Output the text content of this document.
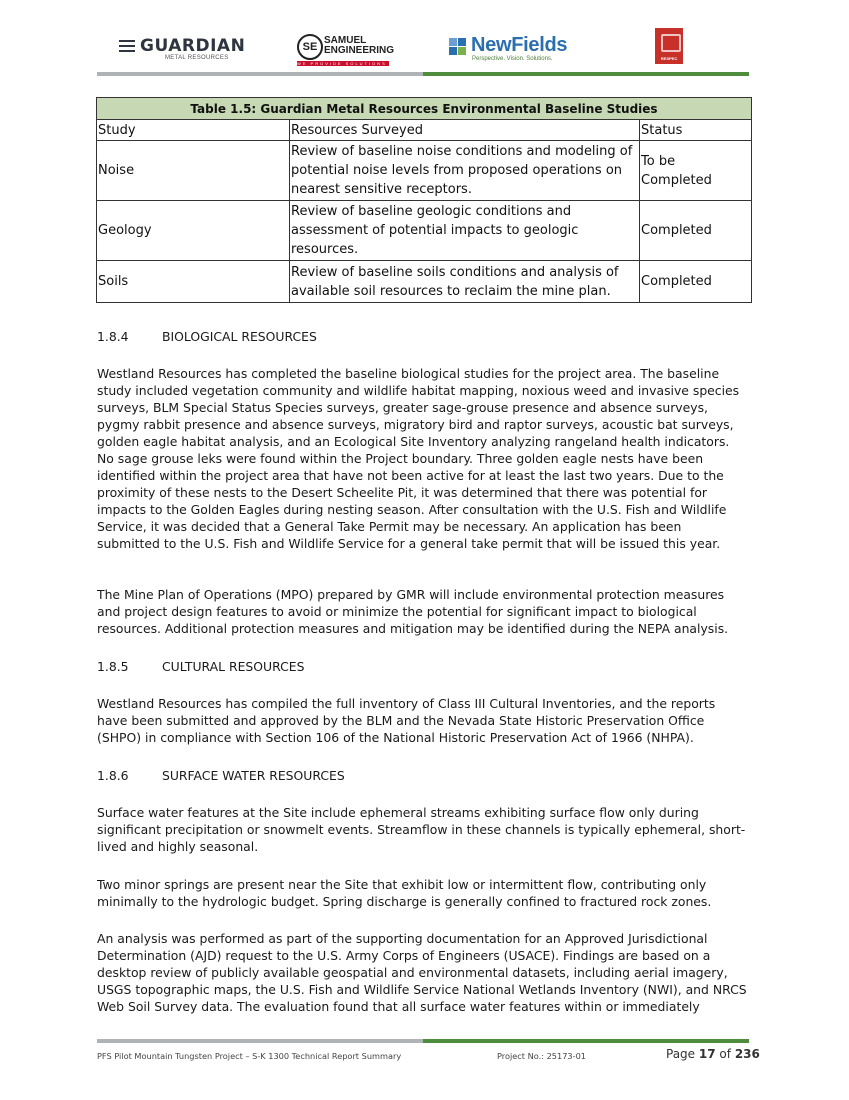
GUARDIAN
METAL RESOURCES
SE
SAMUEL
ENGINEERING
WE PROVIDE SOLUTIONS
NewFields
Perspective. Vision. Solutions.	RESPEC
Table 1.5: Guardian Metal Resources Environmental Baseline Studies		
Study	Resources Surveyed	Status
Noise	Review of baseline noise conditions and modeling of potential noise levels from proposed operations on nearest sensitive receptors.	To be Completed
Geology	Review of baseline geologic conditions and assessment of potential impacts to geologic resources.	Completed
Soils	Review of baseline soils conditions and analysis of available soil resources to reclaim the mine plan.	Completed
1.8.4	BIOLOGICAL RESOURCES

Westland Resources has completed the baseline biological studies for the project area. The baseline study included vegetation community and wildlife habitat mapping, noxious weed and invasive species surveys, BLM Special Status Species surveys, greater sage-grouse presence and absence surveys, pygmy rabbit presence and absence surveys, migratory bird and raptor surveys, acoustic bat surveys, golden eagle habitat analysis, and an Ecological Site Inventory analyzing rangeland health indicators. No sage grouse leks were found within the Project boundary. Three golden eagle nests have been identified within the project area that have not been active for at least the last two years. Due to the proximity of these nests to the Desert Scheelite Pit, it was determined that there was potential for impacts to the Golden Eagles during nesting season. After consultation with the U.S. Fish and Wildlife Service, it was decided that a General Take Permit may be necessary. An application has been submitted to the U.S. Fish and Wildlife Service for a general take permit that will be issued this year.

The Mine Plan of Operations (MPO) prepared by GMR will include environmental protection measures and project design features to avoid or minimize the potential for significant impact to biological resources. Additional protection measures and mitigation may be identified during the NEPA analysis.

1.8.5	CULTURAL RESOURCES

Westland Resources has compiled the full inventory of Class III Cultural Inventories, and the reports have been submitted and approved by the BLM and the Nevada State Historic Preservation Office (SHPO) in compliance with Section 106 of the National Historic Preservation Act of 1966 (NHPA).

1.8.6	SURFACE WATER RESOURCES

Surface water features at the Site include ephemeral streams exhibiting surface flow only during significant precipitation or snowmelt events. Streamflow in these channels is typically ephemeral, short-lived and highly seasonal.

Two minor springs are present near the Site that exhibit low or intermittent flow, contributing only minimally to the hydrologic budget. Spring discharge is generally confined to fractured rock zones.

An analysis was performed as part of the supporting documentation for an Approved Jurisdictional Determination (AJD) request to the U.S. Army Corps of Engineers (USACE). Findings are based on a desktop review of publicly available geospatial and environmental datasets, including aerial imagery, USGS topographic maps, the U.S. Fish and Wildlife Service National Wetlands Inventory (NWI), and NRCS Web Soil Survey data. The evaluation found that all surface water features within or immediately

PFS Pilot Mountain Tungsten Project – S-K 1300 Technical Report Summary	Project No.: 25173-01	Page 17 of 236
